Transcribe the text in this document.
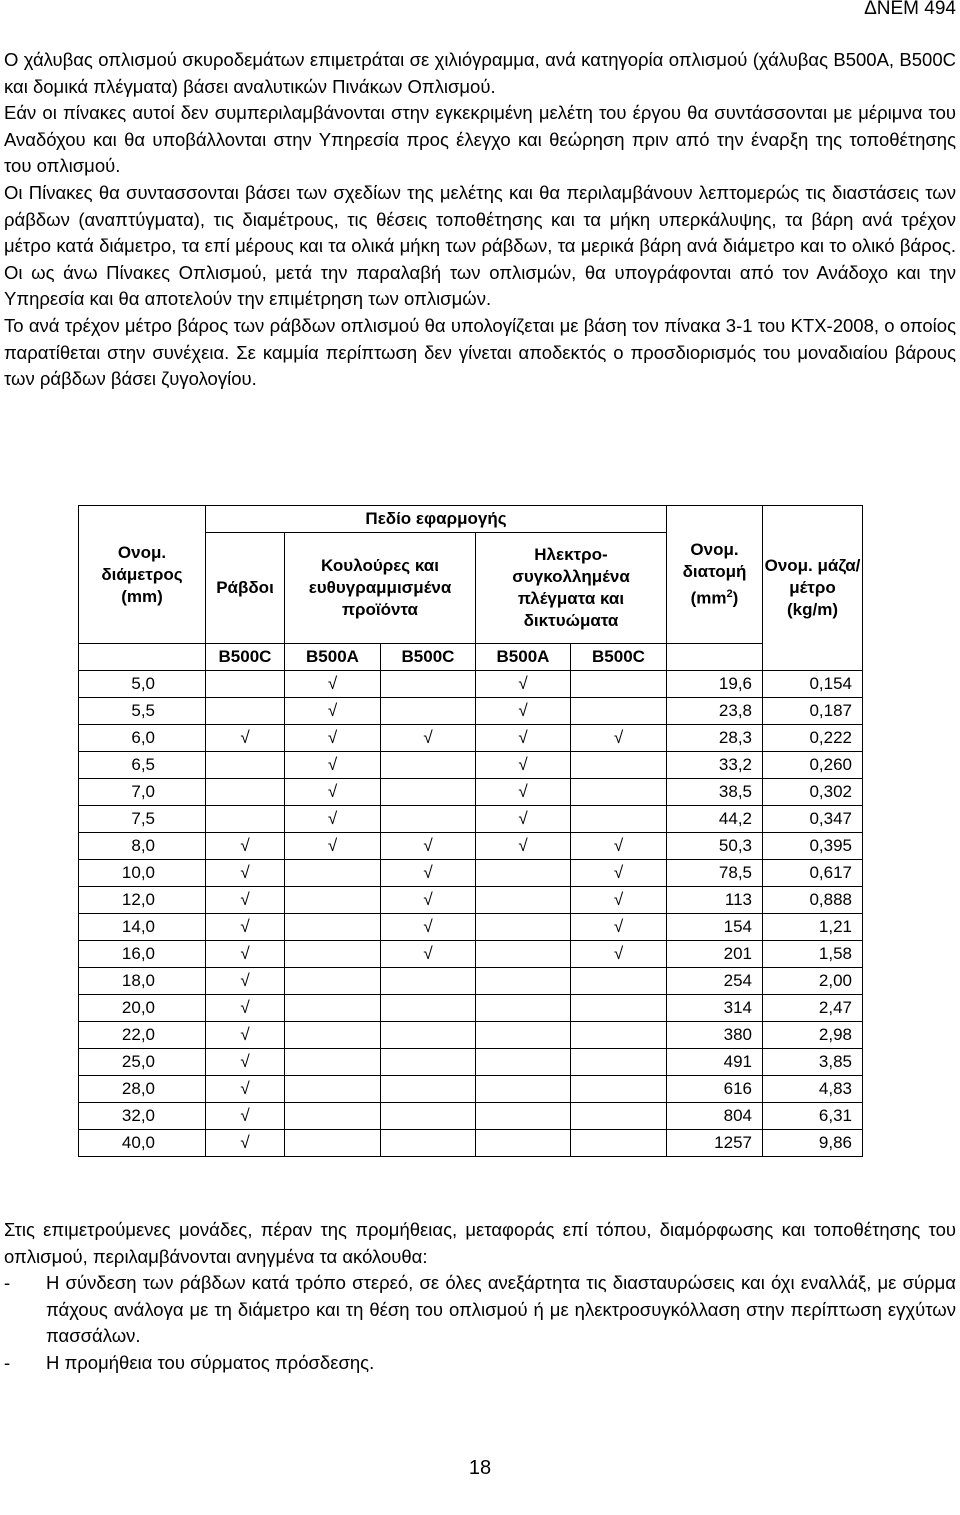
ΔΝΕΜ 494

Ο χάλυβας οπλισμού σκυροδεμάτων επιμετράται σε χιλιόγραμμα, ανά κατηγορία οπλισμού (χάλυβας B500A, B500C και δομικά πλέγματα) βάσει αναλυτικών Πινάκων Οπλισμού.

Εάν οι πίνακες αυτοί δεν συμπεριλαμβάνονται στην εγκεκριμένη μελέτη του έργου θα συντάσσονται με μέριμνα του Αναδόχου και θα υποβάλλονται στην Υπηρεσία προς έλεγχο και θεώρηση πριν από την έναρξη της τοποθέτησης του οπλισμού.

Οι Πίνακες θα συντασσονται βάσει των σχεδίων της μελέτης και θα περιλαμβάνουν λεπτομερώς τις διαστάσεις των ράβδων (αναπτύγματα), τις διαμέτρους, τις θέσεις τοποθέτησης και τα μήκη υπερκάλυψης, τα βάρη ανά τρέχον μέτρο κατά διάμετρο, τα επί μέρους και τα ολικά μήκη των ράβδων, τα μερικά βάρη ανά διάμετρο και το ολικό βάρος. Οι ως άνω Πίνακες Οπλισμού, μετά την παραλαβή των οπλισμών, θα υπογράφονται από τον Ανάδοχο και την Υπηρεσία και θα αποτελούν την επιμέτρηση των οπλισμών.

Το ανά τρέχον μέτρο βάρος των ράβδων οπλισμού θα υπολογίζεται με βάση τον πίνακα 3-1 του ΚΤΧ-2008, ο οποίος παρατίθεται στην συνέχεια. Σε καμμία περίπτωση δεν γίνεται αποδεκτός ο προσδιορισμός του μοναδιαίου βάρους των ράβδων βάσει ζυγολογίου.

Ονομ. διάμετρος (mm)	Πεδίο εφαρμογής					Ονομ. διατομή $(mm^2)$	Ονομ. μάζα/ μέτρο (kg/m)
	Ράβδοι	Κουλούρες και ευθυγραμμισμένα προϊόντα		Ηλεκτρο-συγκολλημένα πλέγματα και δικτυώματα			
	B500C	B500A	B500C	B500A	B500C		
5,0		√		√		19,6	0,154
5,5		√		√		23,8	0,187
6,0	√	√	√	√	√	28,3	0,222
6,5		√		√		33,2	0,260
7,0		√		√		38,5	0,302
7,5		√		√		44,2	0,347
8,0	√	√	√	√	√	50,3	0,395
10,0	√		√		√	78,5	0,617
12,0	√		√		√	113	0,888
14,0	√		√		√	154	1,21
16,0	√		√		√	201	1,58
18,0	√					254	2,00
20,0	√					314	2,47
22,0	√					380	2,98
25,0	√					491	3,85
28,0	√					616	4,83
32,0	√					804	6,31
40,0	√					1257	9,86

Στις επιμετρούμενες μονάδες, πέραν της προμήθειας, μεταφοράς επί τόπου, διαμόρφωσης και τοποθέτησης του οπλισμού, περιλαμβάνονται ανηγμένα τα ακόλουθα:

-	Η σύνδεση των ράβδων κατά τρόπο στερεό, σε όλες ανεξάρτητα τις διασταυρώσεις και όχι εναλλάξ, με σύρμα πάχους ανάλογα με τη διάμετρο και τη θέση του οπλισμού ή με ηλεκτροσυγκόλλαση στην περίπτωση εγχύτων πασσάλων.
-	Η προμήθεια του σύρματος πρόσδεσης.
18
